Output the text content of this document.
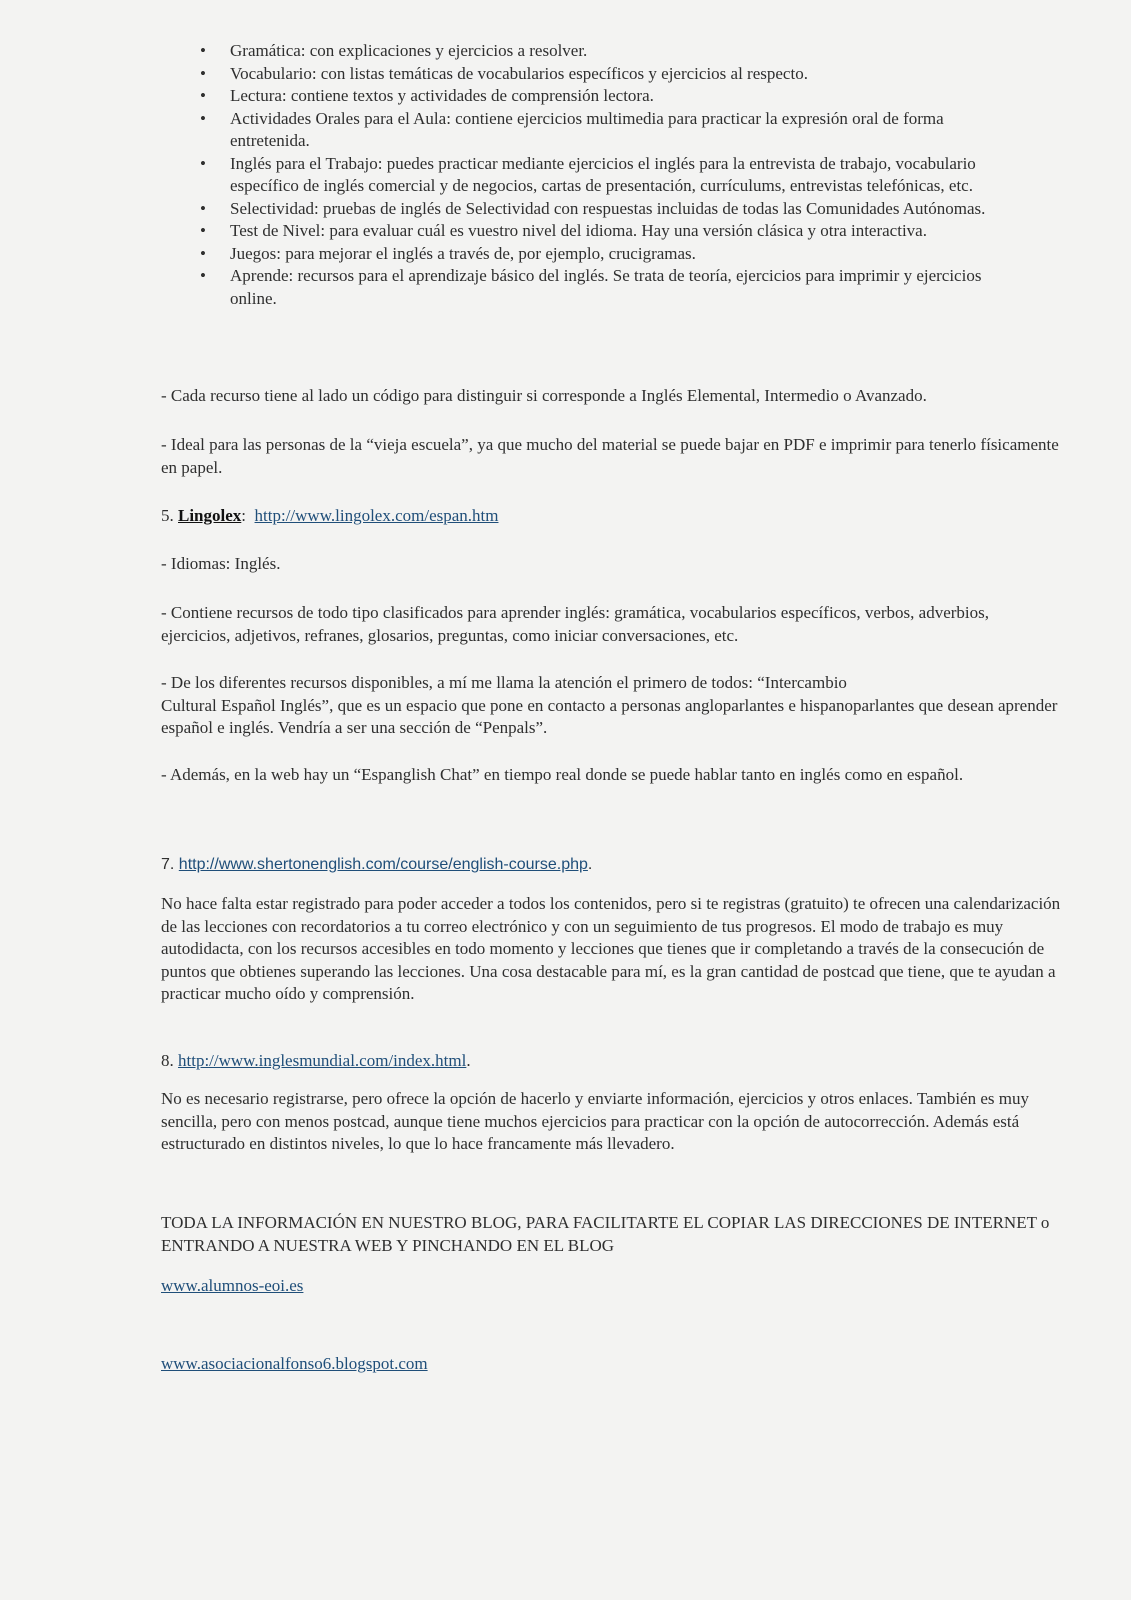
• Gramática: con explicaciones y ejercicios a resolver.
• Vocabulario: con listas temáticas de vocabularios específicos y ejercicios al respecto.
• Lectura: contiene textos y actividades de comprensión lectora.
• Actividades Orales para el Aula: contiene ejercicios multimedia para practicar la expresión oral de forma entretenida.
• Inglés para el Trabajo: puedes practicar mediante ejercicios el inglés para la entrevista de trabajo, vocabulario específico de inglés comercial y de negocios, cartas de presentación, currículums, entrevistas telefónicas, etc.
• Selectividad: pruebas de inglés de Selectividad con respuestas incluidas de todas las Comunidades Autónomas.
• Test de Nivel: para evaluar cuál es vuestro nivel del idioma. Hay una versión clásica y otra interactiva.
• Juegos: para mejorar el inglés a través de, por ejemplo, crucigramas.
• Aprende: recursos para el aprendizaje básico del inglés. Se trata de teoría, ejercicios para imprimir y ejercicios online.

- Cada recurso tiene al lado un código para distinguir si corresponde a Inglés Elemental, Intermedio o Avanzado.

- Ideal para las personas de la “vieja escuela”, ya que mucho del material se puede bajar en PDF e imprimir para tenerlo físicamente en papel.

5. Lingolex: http://www.lingolex.com/espan.htm

- Idiomas: Inglés.

- Contiene recursos de todo tipo clasificados para aprender inglés: gramática, vocabularios específicos, verbos, adverbios, ejercicios, adjetivos, refranes, glosarios, preguntas, como iniciar conversaciones, etc.

- De los diferentes recursos disponibles, a mí me llama la atención el primero de todos: “Intercambio
Cultural Español Inglés”, que es un espacio que pone en contacto a personas angloparlantes e hispanoparlantes que desean aprender español e inglés. Vendría a ser una sección de “Penpals”.

- Además, en la web hay un “Espanglish Chat” en tiempo real donde se puede hablar tanto en inglés como en español.

7. http://www.shertonenglish.com/course/english-course.php.

No hace falta estar registrado para poder acceder a todos los contenidos, pero si te registras (gratuito) te ofrecen una calendarización de las lecciones con recordatorios a tu correo electrónico y con un seguimiento de tus progresos. El modo de trabajo es muy autodidacta, con los recursos accesibles en todo momento y lecciones que tienes que ir completando a través de la consecución de puntos que obtienes superando las lecciones. Una cosa destacable para mí, es la gran cantidad de postcad que tiene, que te ayudan a practicar mucho oído y comprensión.

8. http://www.inglesmundial.com/index.html.

No es necesario registrarse, pero ofrece la opción de hacerlo y enviarte información, ejercicios y otros enlaces. También es muy sencilla, pero con menos postcad, aunque tiene muchos ejercicios para practicar con la opción de autocorrección. Además está estructurado en distintos niveles, lo que lo hace francamente más llevadero.

TODA LA INFORMACIÓN EN NUESTRO BLOG, PARA FACILITARTE EL COPIAR LAS DIRECCIONES DE INTERNET o ENTRANDO A NUESTRA WEB Y PINCHANDO EN EL BLOG

www.alumnos-eoi.es

www.asociacionalfonso6.blogspot.com
